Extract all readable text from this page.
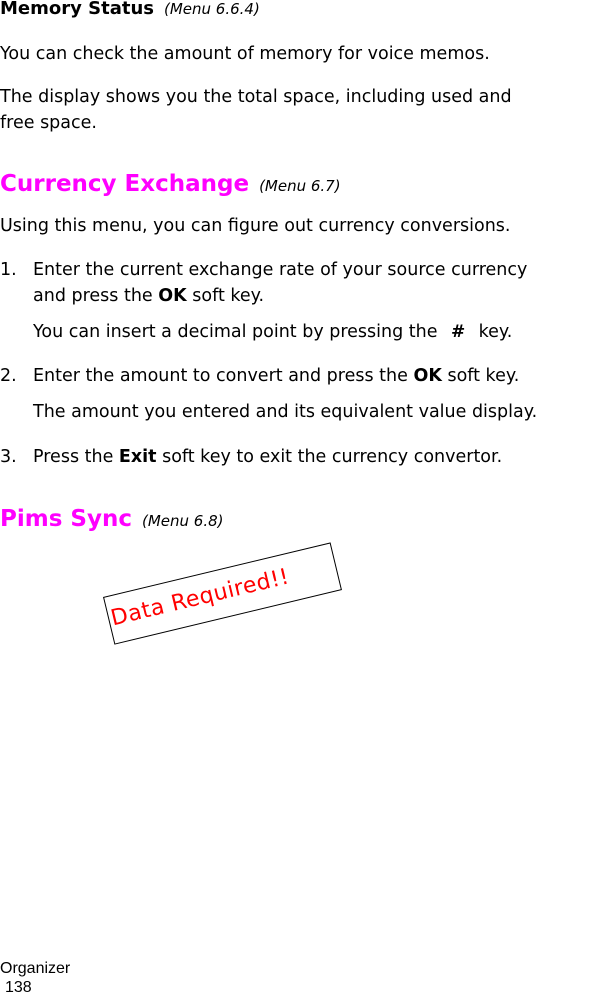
Memory Status (Menu 6.6.4)
You can check the amount of memory for voice memos.
The display shows you the total space, including used and
free space.
Currency Exchange (Menu 6.7)
Using this menu, you can figure out currency conversions.
1. Enter the current exchange rate of your source currency
and press the OK soft key.
You can insert a decimal point by pressing the # key.
2. Enter the amount to convert and press the OK soft key.
The amount you entered and its equivalent value display.
3. Press the Exit soft key to exit the currency convertor.
Pims Sync (Menu 6.8)
Data Required!!
Organizer
138
